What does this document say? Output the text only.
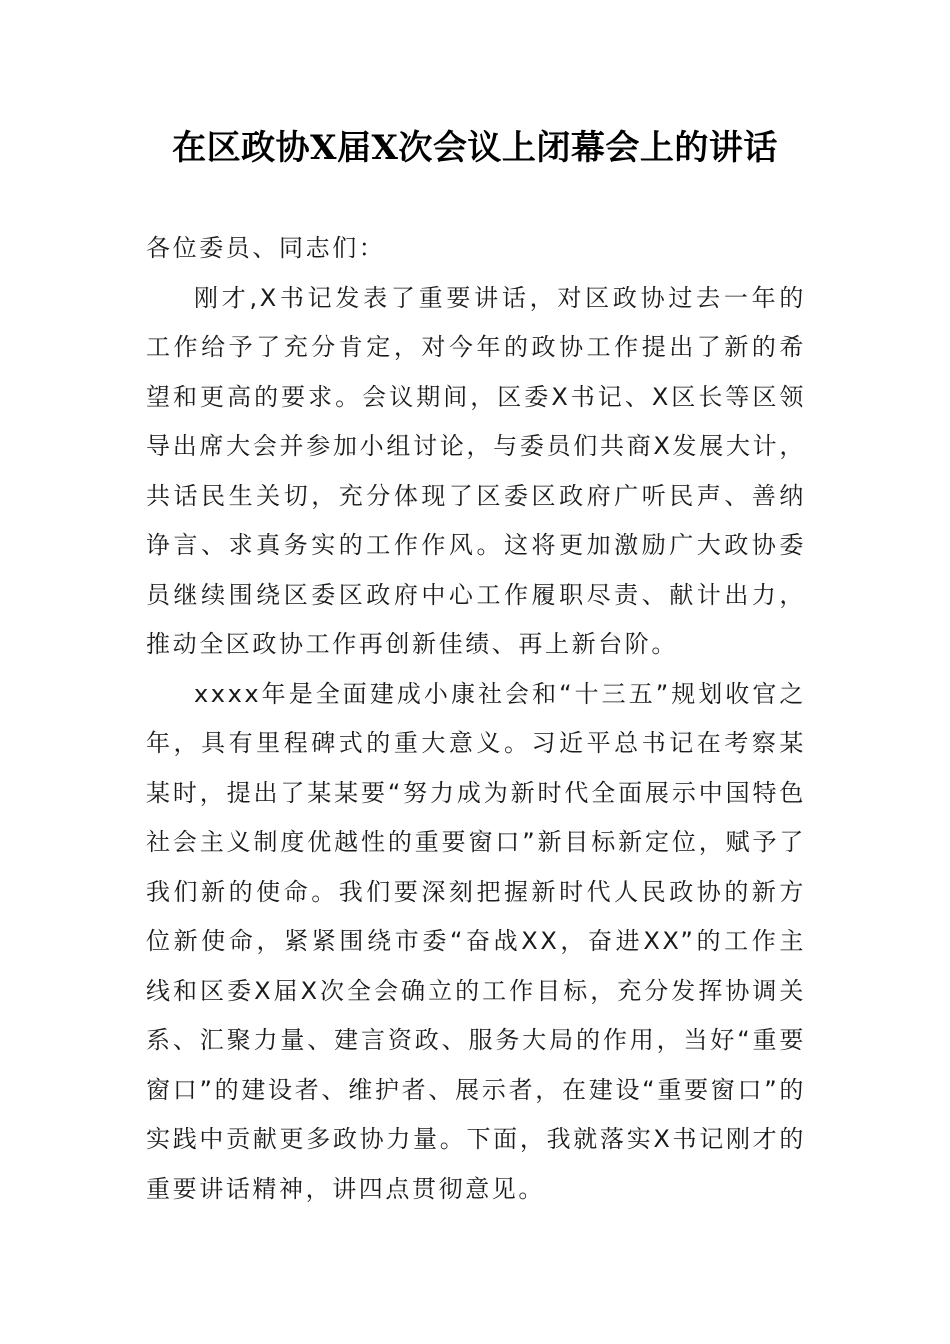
在区政协X届X次会议上闭幕会上的讲话

各位委员、同志们：

刚才,X书记发表了重要讲话，对区政协过去一年的工作给予了充分肯定，对今年的政协工作提出了新的希望和更高的要求。会议期间，区委X书记、X区长等区领导出席大会并参加小组讨论，与委员们共商X发展大计，共话民生关切，充分体现了区委区政府广听民声、善纳诤言、求真务实的工作作风。这将更加激励广大政协委员继续围绕区委区政府中心工作履职尽责、献计出力，推动全区政协工作再创新佳绩、再上新台阶。

xxxx年是全面建成小康社会和“十三五”规划收官之年，具有里程碑式的重大意义。习近平总书记在考察某某时，提出了某某要“努力成为新时代全面展示中国特色社会主义制度优越性的重要窗口”新目标新定位，赋予了我们新的使命。我们要深刻把握新时代人民政协的新方位新使命，紧紧围绕市委“奋战XX，奋进XX”的工作主线和区委X届X次全会确立的工作目标，充分发挥协调关系、汇聚力量、建言资政、服务大局的作用，当好“重要窗口”的建设者、维护者、展示者，在建设“重要窗口”的实践中贡献更多政协力量。下面，我就落实X书记刚才的重要讲话精神，讲四点贯彻意见。
